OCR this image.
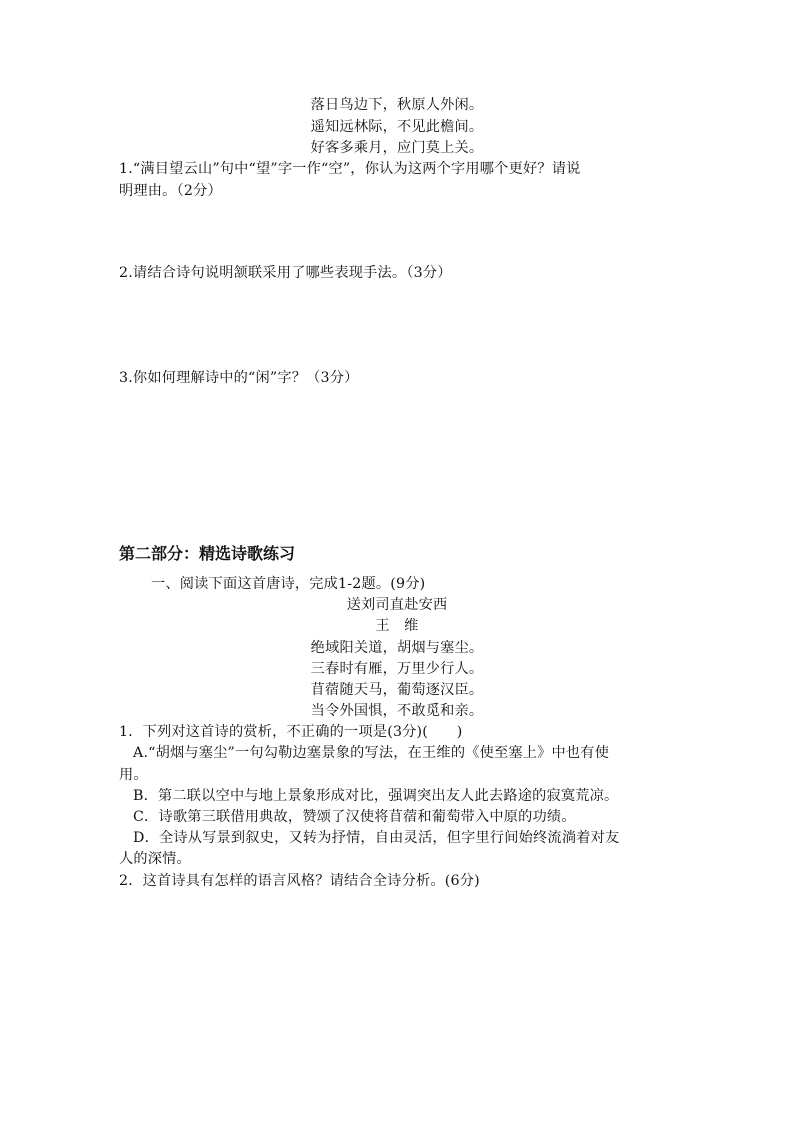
落日鸟边下，秋原人外闲。
遥知远林际，不见此檐间。
好客多乘月，应门莫上关。
1.“满目望云山”句中“望”字一作“空”，你认为这两个字用哪个更好？请说
明理由。（2分）
2.请结合诗句说明颔联采用了哪些表现手法。（3分）
3.你如何理解诗中的“闲”字？（3分）
第二部分：精选诗歌练习
一、阅读下面这首唐诗，完成1-2题。(9分)
送刘司直赴安西
王　维
绝域阳关道，胡烟与塞尘。
三春时有雁，万里少行人。
苜蓿随天马，葡萄逐汉臣。
当令外国惧，不敢觅和亲。
1．下列对这首诗的赏析，不正确的一项是(3分)(　　)
A.“胡烟与塞尘”一句勾勒边塞景象的写法，在王维的《使至塞上》中也有使
用。
B．第二联以空中与地上景象形成对比，强调突出友人此去路途的寂寞荒凉。
C．诗歌第三联借用典故，赞颂了汉使将苜蓿和葡萄带入中原的功绩。
D．全诗从写景到叙史，又转为抒情，自由灵活，但字里行间始终流淌着对友
人的深情。
2．这首诗具有怎样的语言风格？请结合全诗分析。(6分)
